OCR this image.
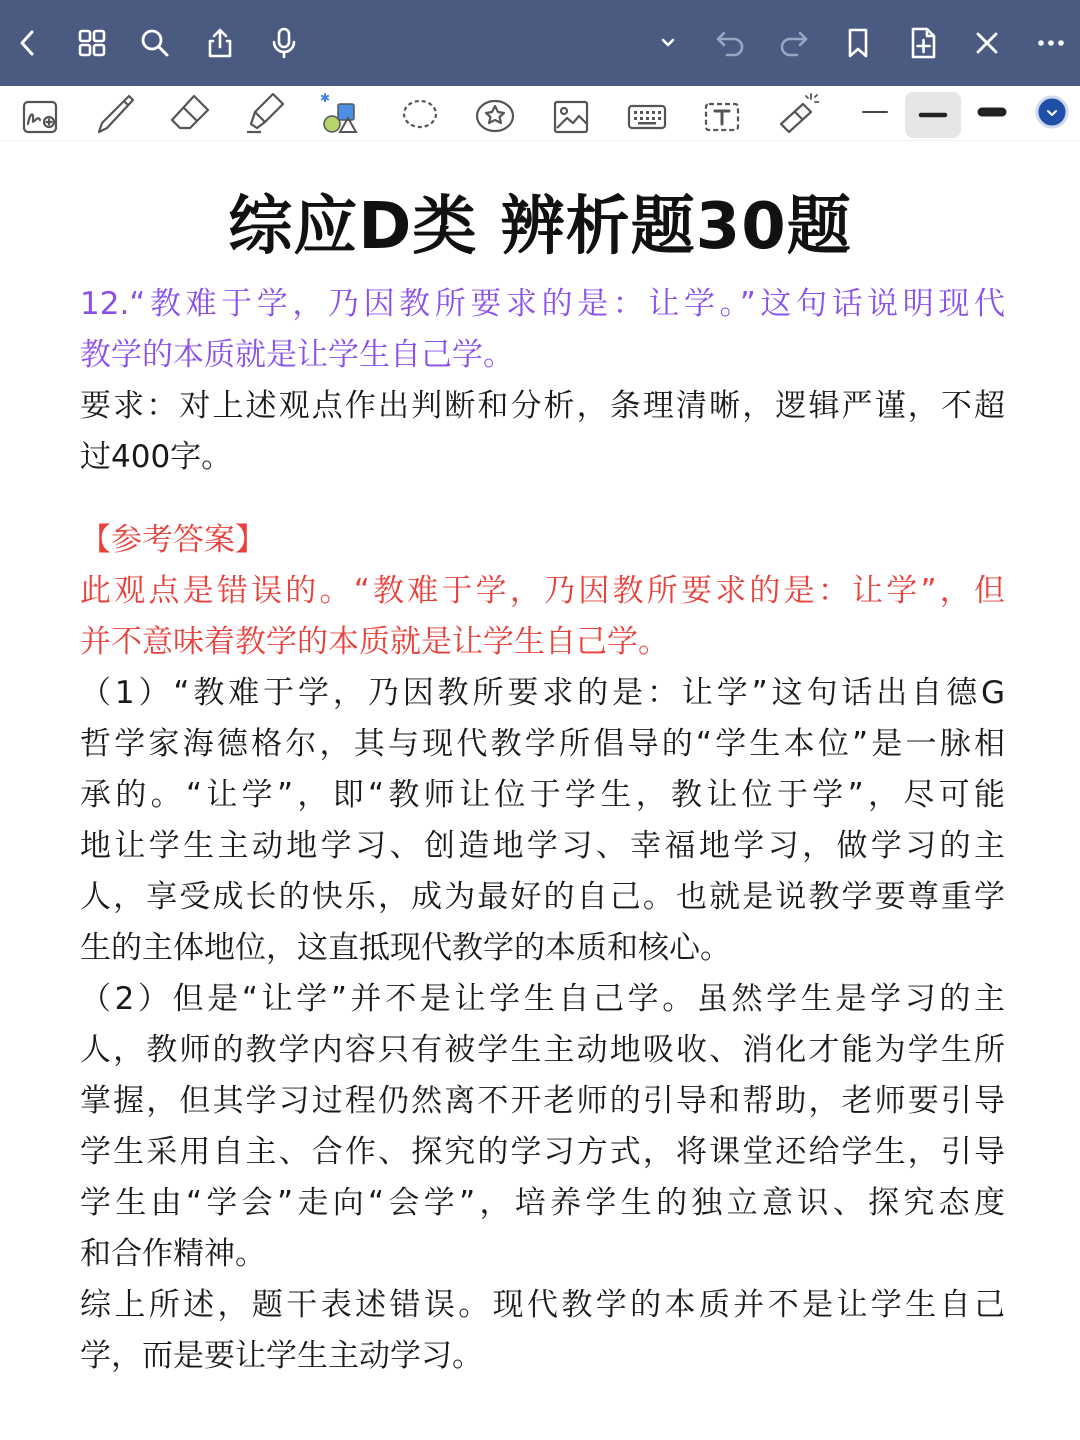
✱
综应D类 辨析题30题
12.“教难于学，乃因教所要求的是：让学。”这句话说明现代
教学的本质就是让学生自己学。
要求：对上述观点作出判断和分析，条理清晰，逻辑严谨，不超
过400字。
【参考答案】
此观点是错误的。“教难于学，乃因教所要求的是：让学”，但
并不意味着教学的本质就是让学生自己学。
（1）“教难于学，乃因教所要求的是：让学”这句话出自德G
哲学家海德格尔，其与现代教学所倡导的“学生本位”是一脉相
承的。“让学”，即“教师让位于学生，教让位于学”，尽可能
地让学生主动地学习、创造地学习、幸福地学习，做学习的主
人，享受成长的快乐，成为最好的自己。也就是说教学要尊重学
生的主体地位，这直抵现代教学的本质和核心。
（2）但是“让学”并不是让学生自己学。虽然学生是学习的主
人，教师的教学内容只有被学生主动地吸收、消化才能为学生所
掌握，但其学习过程仍然离不开老师的引导和帮助，老师要引导
学生采用自主、合作、探究的学习方式，将课堂还给学生，引导
学生由“学会”走向“会学”，培养学生的独立意识、探究态度
和合作精神。
综上所述，题干表述错误。现代教学的本质并不是让学生自己
学，而是要让学生主动学习。
